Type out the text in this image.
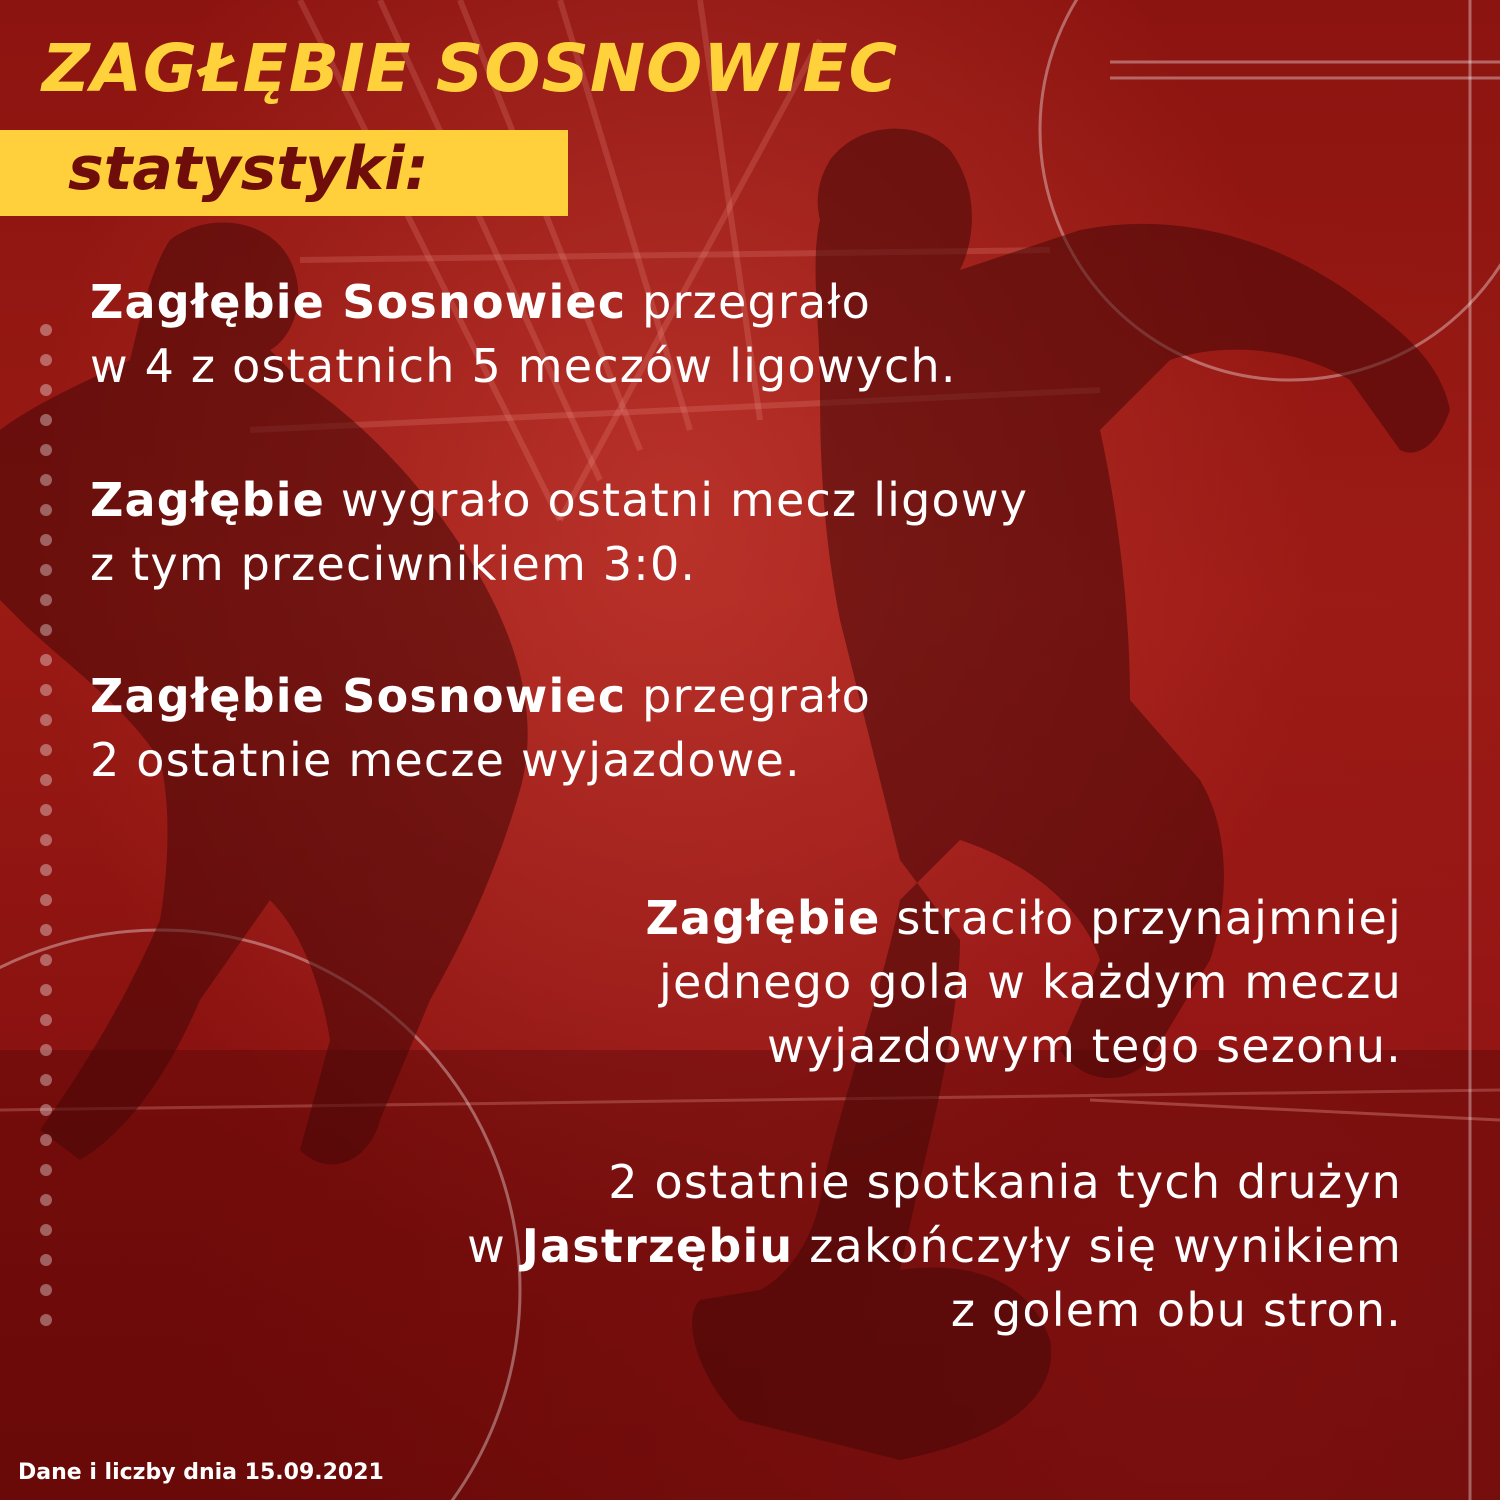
ZAGŁĘBIE SOSNOWIEC
statystyki:

Zagłębie Sosnowiec przegrało
w 4 z ostatnich 5 meczów ligowych.

Zagłębie wygrało ostatni mecz ligowy
z tym przeciwnikiem 3:0.

Zagłębie Sosnowiec przegrało
2 ostatnie mecze wyjazdowe.

Zagłębie straciło przynajmniej
jednego gola w każdym meczu
wyjazdowym tego sezonu.

2 ostatnie spotkania tych drużyn
w Jastrzębiu zakończyły się wynikiem
z golem obu stron.

Dane i liczby dnia 15.09.2021
